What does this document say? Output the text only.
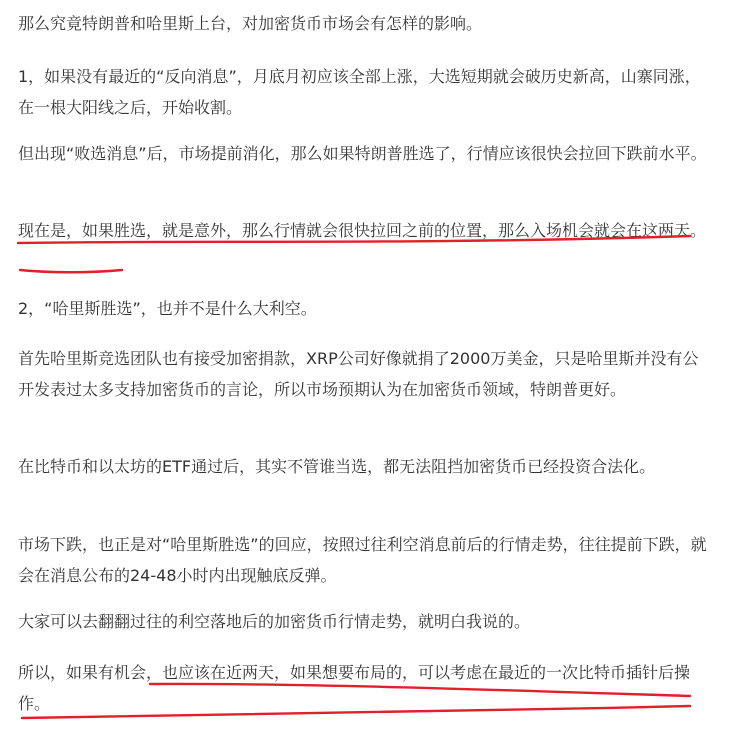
那么究竟特朗普和哈里斯上台，对加密货币市场会有怎样的影响。

1，如果没有最近的“反向消息”，月底月初应该全部上涨，大选短期就会破历史新高，山寨同涨，在一根大阳线之后，开始收割。

但出现“败选消息”后，市场提前消化，那么如果特朗普胜选了，行情应该很快会拉回下跌前水平。

现在是，如果胜选，就是意外，那么行情就会很快拉回之前的位置，那么入场机会就会在这两天。

2，“哈里斯胜选”，也并不是什么大利空。

首先哈里斯竞选团队也有接受加密捐款，XRP公司好像就捐了2000万美金，只是哈里斯并没有公开发表过太多支持加密货币的言论，所以市场预期认为在加密货币领域，特朗普更好。

在比特币和以太坊的ETF通过后，其实不管谁当选，都无法阻挡加密货币已经投资合法化。

市场下跌，也正是对“哈里斯胜选”的回应，按照过往利空消息前后的行情走势，往往提前下跌，就会在消息公布的24-48小时内出现触底反弹。

大家可以去翻翻过往的利空落地后的加密货币行情走势，就明白我说的。

所以，如果有机会，也应该在近两天，如果想要布局的，可以考虑在最近的一次比特币插针后操作。
